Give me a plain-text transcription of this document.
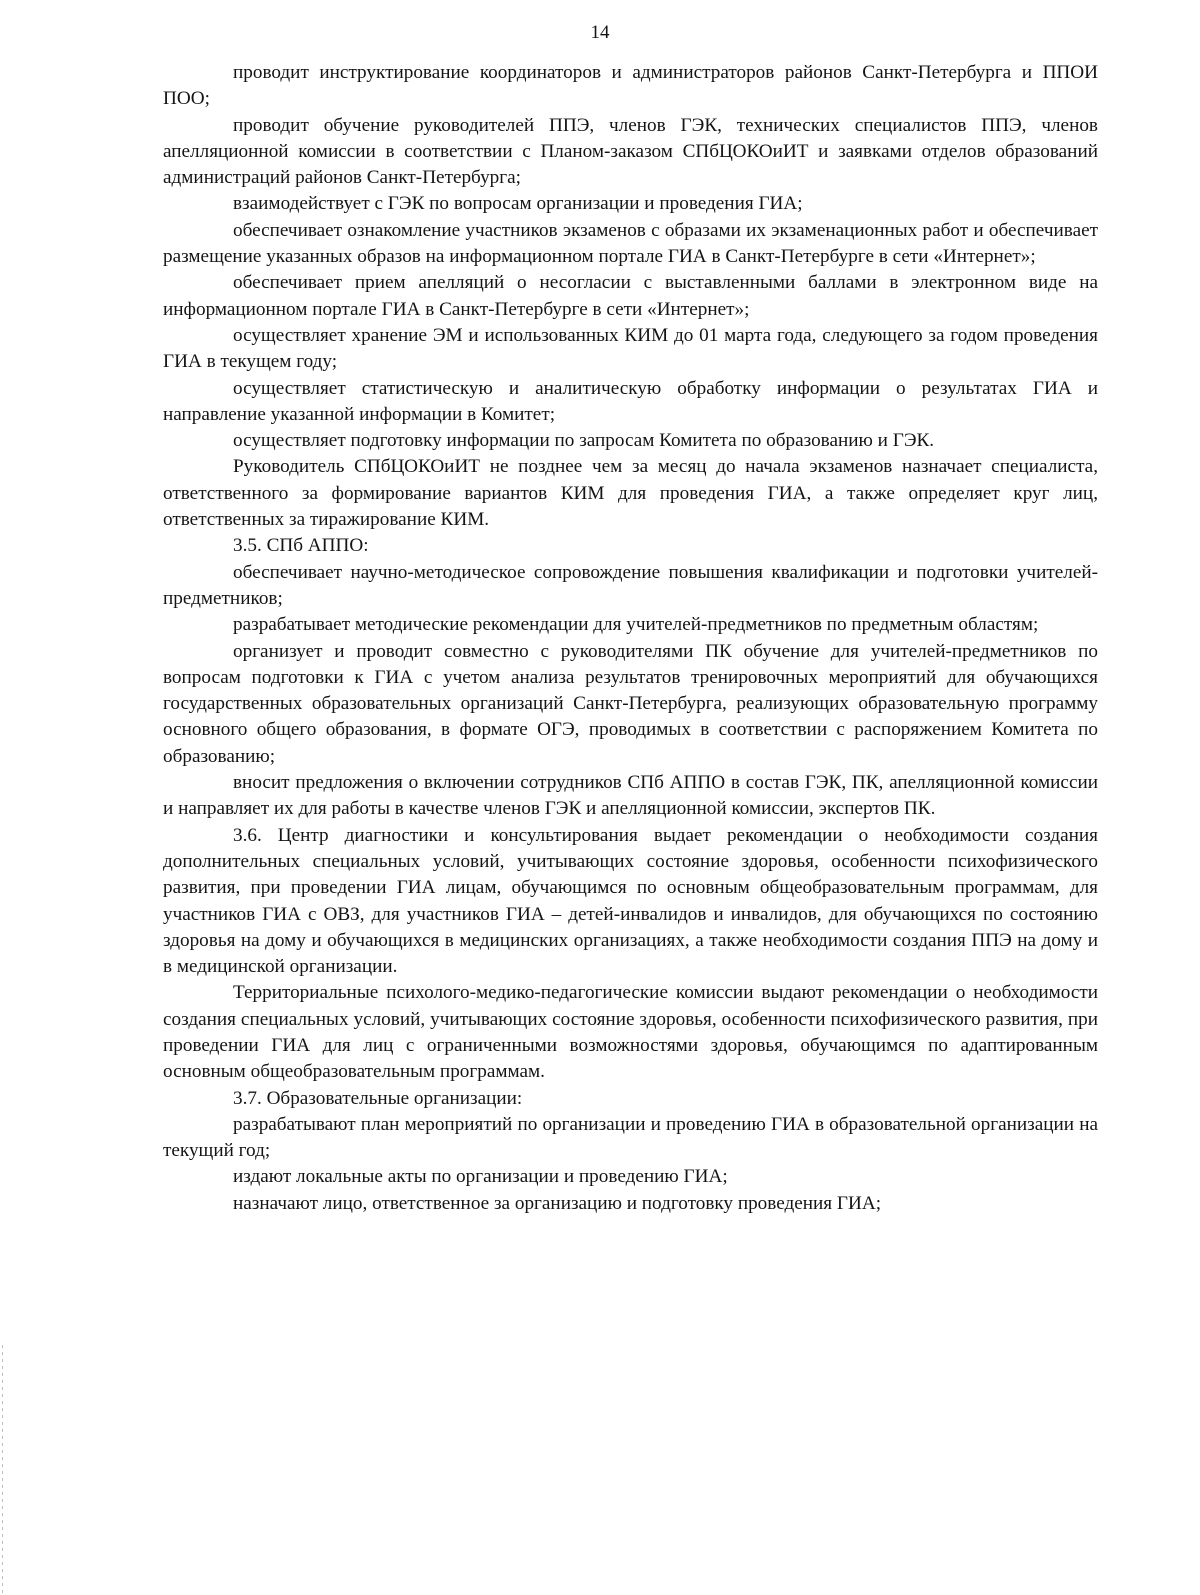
14

проводит инструктирование координаторов и администраторов районов Санкт-Петербурга и ППОИ ПОО;

проводит обучение руководителей ППЭ, членов ГЭК, технических специалистов ППЭ, членов апелляционной комиссии в соответствии с Планом-заказом СПбЦОКОиИТ и заявками отделов образований администраций районов Санкт-Петербурга;

взаимодействует с ГЭК по вопросам организации и проведения ГИА;

обеспечивает ознакомление участников экзаменов с образами их экзаменационных работ и обеспечивает размещение указанных образов на информационном портале ГИА в Санкт-Петербурге в сети «Интернет»;

обеспечивает прием апелляций о несогласии с выставленными баллами в электронном виде на информационном портале ГИА в Санкт-Петербурге в сети «Интернет»;

осуществляет хранение ЭМ и использованных КИМ до 01 марта года, следующего за годом проведения ГИА в текущем году;

осуществляет статистическую и аналитическую обработку информации о результатах ГИА и направление указанной информации в Комитет;

осуществляет подготовку информации по запросам Комитета по образованию и ГЭК.

Руководитель СПбЦОКОиИТ не позднее чем за месяц до начала экзаменов назначает специалиста, ответственного за формирование вариантов КИМ для проведения ГИА, а также определяет круг лиц, ответственных за тиражирование КИМ.

3.5. СПб АППО:

обеспечивает научно-методическое сопровождение повышения квалификации и подготовки учителей-предметников;

разрабатывает методические рекомендации для учителей-предметников по предметным областям;

организует и проводит совместно с руководителями ПК обучение для учителей-предметников по вопросам подготовки к ГИА с учетом анализа результатов тренировочных мероприятий для обучающихся государственных образовательных организаций Санкт-Петербурга, реализующих образовательную программу основного общего образования, в формате ОГЭ, проводимых в соответствии с распоряжением Комитета по образованию;

вносит предложения о включении сотрудников СПб АППО в состав ГЭК, ПК, апелляционной комиссии и направляет их для работы в качестве членов ГЭК и апелляционной комиссии, экспертов ПК.

3.6. Центр диагностики и консультирования выдает рекомендации о необходимости создания дополнительных специальных условий, учитывающих состояние здоровья, особенности психофизического развития, при проведении ГИА лицам, обучающимся по основным общеобразовательным программам, для участников ГИА с ОВЗ, для участников ГИА – детей-инвалидов и инвалидов, для обучающихся по состоянию здоровья на дому и обучающихся в медицинских организациях, а также необходимости создания ППЭ на дому и в медицинской организации.

Территориальные психолого-медико-педагогические комиссии выдают рекомендации о необходимости создания специальных условий, учитывающих состояние здоровья, особенности психофизического развития, при проведении ГИА для лиц с ограниченными возможностями здоровья, обучающимся по адаптированным основным общеобразовательным программам.

3.7. Образовательные организации:

разрабатывают план мероприятий по организации и проведению ГИА в образовательной организации на текущий год;

издают локальные акты по организации и проведению ГИА;

назначают лицо, ответственное за организацию и подготовку проведения ГИА;
